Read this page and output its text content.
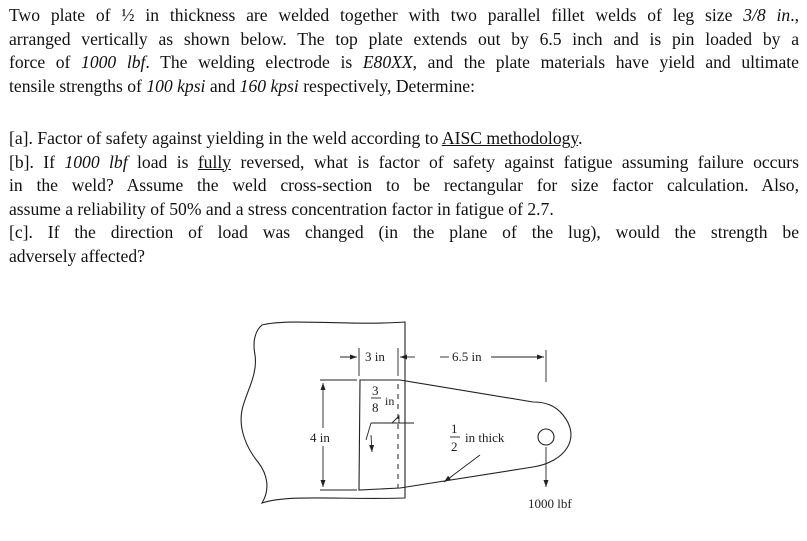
Two plate of ½ in thickness are welded together with two parallel fillet welds of leg size 3/8 in.,
arranged vertically as shown below. The top plate extends out by 6.5 inch and is pin loaded by a
force of 1000 lbf. The welding electrode is E80XX, and the plate materials have yield and ultimate
tensile strengths of 100 kpsi and 160 kpsi respectively, Determine:
[a]. Factor of safety against yielding in the weld according to AISC methodology.
[b]. If 1000 lbf load is fully reversed, what is factor of safety against fatigue assuming failure occurs
in the weld? Assume the weld cross-section to be rectangular for size factor calculation. Also,
assume a reliability of 50% and a stress concentration factor in fatigue of 2.7.
[c]. If the direction of load was changed (in the plane of the lug), would the strength be
adversely affected?
4 in
3 in	6.5 in
3
8 in
1
2
in thick
1000 lbf
